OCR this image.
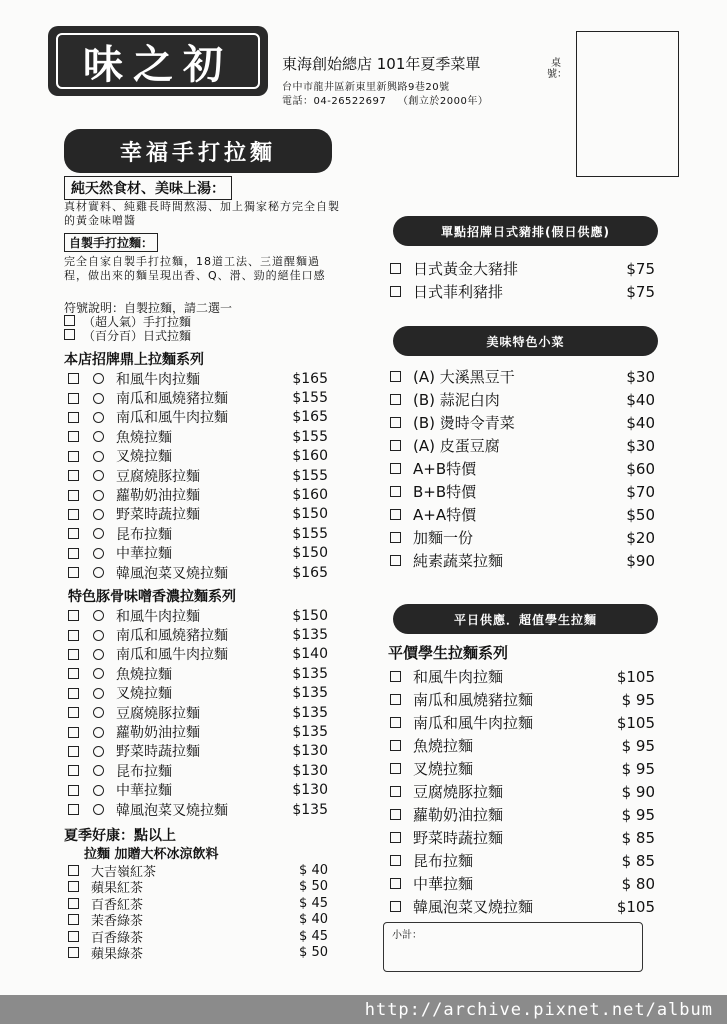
味之初	東海創始總店 101年夏季菜單
台中市龍井區新東里新興路9巷20號
電話：04-26522697 （創立於2000年）
桌號：
幸福手打拉麵
純天然食材、美味上湯：
真材實料、純雞長時間熬湯、加上獨家秘方完全自製的黃金味噌醬
自製手打拉麵：
完全自家自製手打拉麵，18道工法、三道醒麵過程，做出來的麵呈現出香、Q、滑、勁的絕佳口感
符號說明：自製拉麵，請二選一
（超人氣）手打拉麵
（百分百）日式拉麵
本店招牌鼎上拉麵系列
和風牛肉拉麵	$165
南瓜和風燒豬拉麵	$155
南瓜和風牛肉拉麵	$165
魚燒拉麵	$155
叉燒拉麵	$160
豆腐燒豚拉麵	$155
蘿勒奶油拉麵	$160
野菜時蔬拉麵	$150
昆布拉麵	$155
中華拉麵	$150
韓風泡菜叉燒拉麵	$165
特色豚骨味噌香濃拉麵系列
和風牛肉拉麵	$150
南瓜和風燒豬拉麵	$135
南瓜和風牛肉拉麵	$140
魚燒拉麵	$135
叉燒拉麵	$135
豆腐燒豚拉麵	$135
蘿勒奶油拉麵	$135
野菜時蔬拉麵	$130
昆布拉麵	$130
中華拉麵	$130
韓風泡菜叉燒拉麵	$135
夏季好康：點以上
拉麵 加贈大杯冰涼飲料
大吉嶺紅茶	$ 40
蘋果紅茶	$ 50
百香紅茶	$ 45
茉香綠茶	$ 40
百香綠茶	$ 45
蘋果綠茶	$ 50
單點招牌日式豬排(假日供應)
日式黃金大豬排	$75
日式菲利豬排	$75
美味特色小菜
(A) 大溪黑豆干	$30
(B) 蒜泥白肉	$40
(B) 燙時令青菜	$40
(A) 皮蛋豆腐	$30
A+B特價	$60
B+B特價	$70
A+A特價	$50
加麵一份	$20
純素蔬菜拉麵	$90
平日供應．超值學生拉麵
平價學生拉麵系列
和風牛肉拉麵	$105
南瓜和風燒豬拉麵	$ 95
南瓜和風牛肉拉麵	$105
魚燒拉麵	$ 95
叉燒拉麵	$ 95
豆腐燒豚拉麵	$ 90
蘿勒奶油拉麵	$ 95
野菜時蔬拉麵	$ 85
昆布拉麵	$ 85
中華拉麵	$ 80
韓風泡菜叉燒拉麵	$105
小計：
http://archive.pixnet.net/album
